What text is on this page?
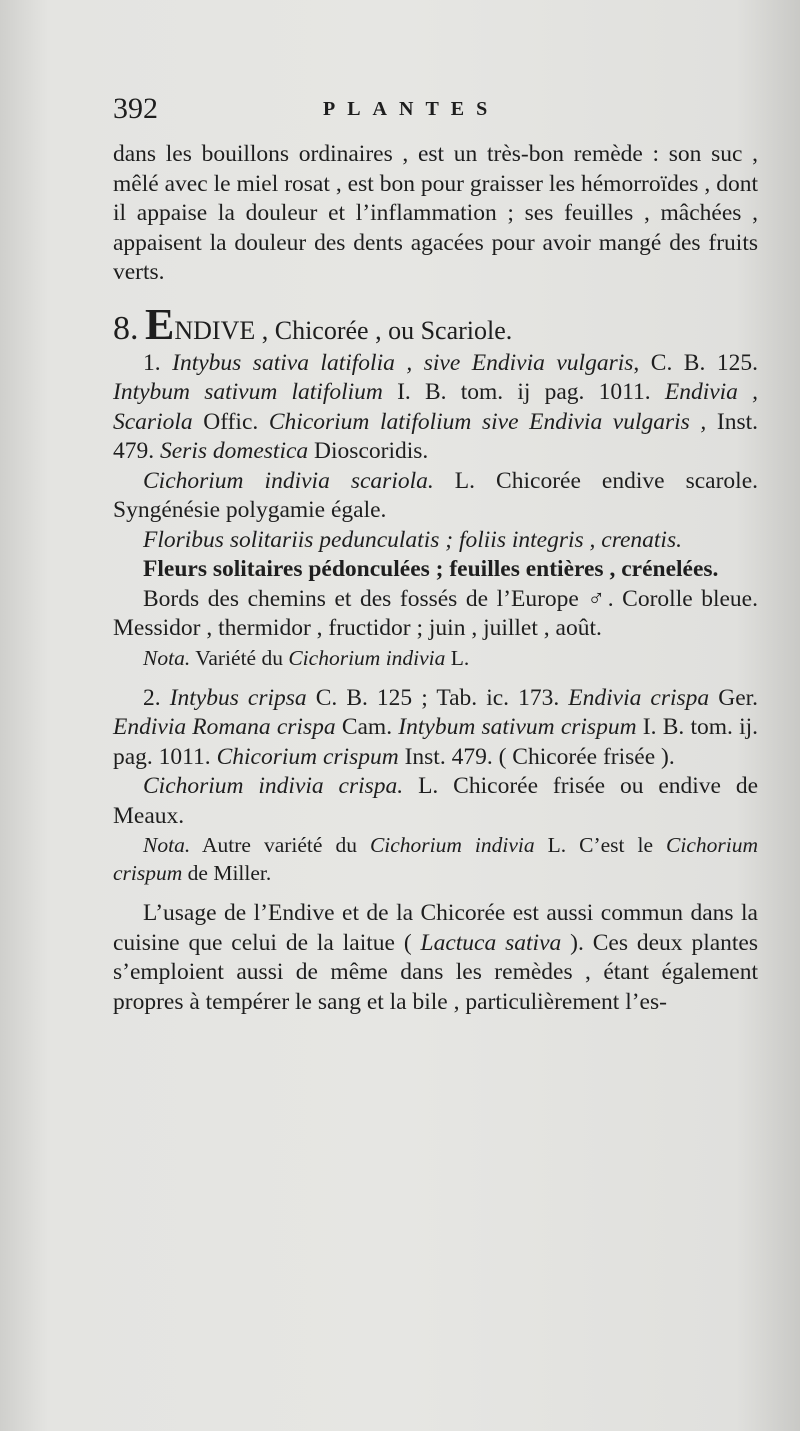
392	PLANTES

dans les bouillons ordinaires , est un très-bon remède : son suc , mêlé avec le miel rosat , est bon pour graisser les hémorroïdes , dont il appaise la douleur et l’inflammation ; ses feuilles , mâchées , appaisent la douleur des dents agacées pour avoir mangé des fruits verts.

8. ENDIVE , Chicorée , ou Scariole.

1. Intybus sativa latifolia , sive Endivia vulgaris, C. B. 125. Intybum sativum latifolium I. B. tom. ij pag. 1011. Endivia , Scariola Offic. Chicorium latifolium sive Endivia vulgaris , Inst. 479. Seris domestica Dioscoridis.

Cichorium indivia scariola. L. Chicorée endive scarole. Syngénésie polygamie égale.

Floribus solitariis pedunculatis ; foliis integris , crenatis.

Fleurs solitaires pédonculées ; feuilles entières , crénelées.

Bords des chemins et des fossés de l’Europe ♂. Corolle bleue. Messidor , thermidor , fructidor ; juin , juillet , août.

Nota. Variété du Cichorium indivia L.

2. Intybus cripsa C. B. 125 ; Tab. ic. 173. Endivia crispa Ger. Endivia Romana crispa Cam. Intybum sativum crispum I. B. tom. ij. pag. 1011. Chicorium crispum Inst. 479. ( Chicorée frisée ).

Cichorium indivia crispa. L. Chicorée frisée ou endive de Meaux.

Nota. Autre variété du Cichorium indivia L. C’est le Cichorium crispum de Miller.

L’usage de l’Endive et de la Chicorée est aussi commun dans la cuisine que celui de la laitue ( Lactuca sativa ). Ces deux plantes s’emploient aussi de même dans les remèdes , étant également propres à tempérer le sang et la bile , particulièrement l’es-
